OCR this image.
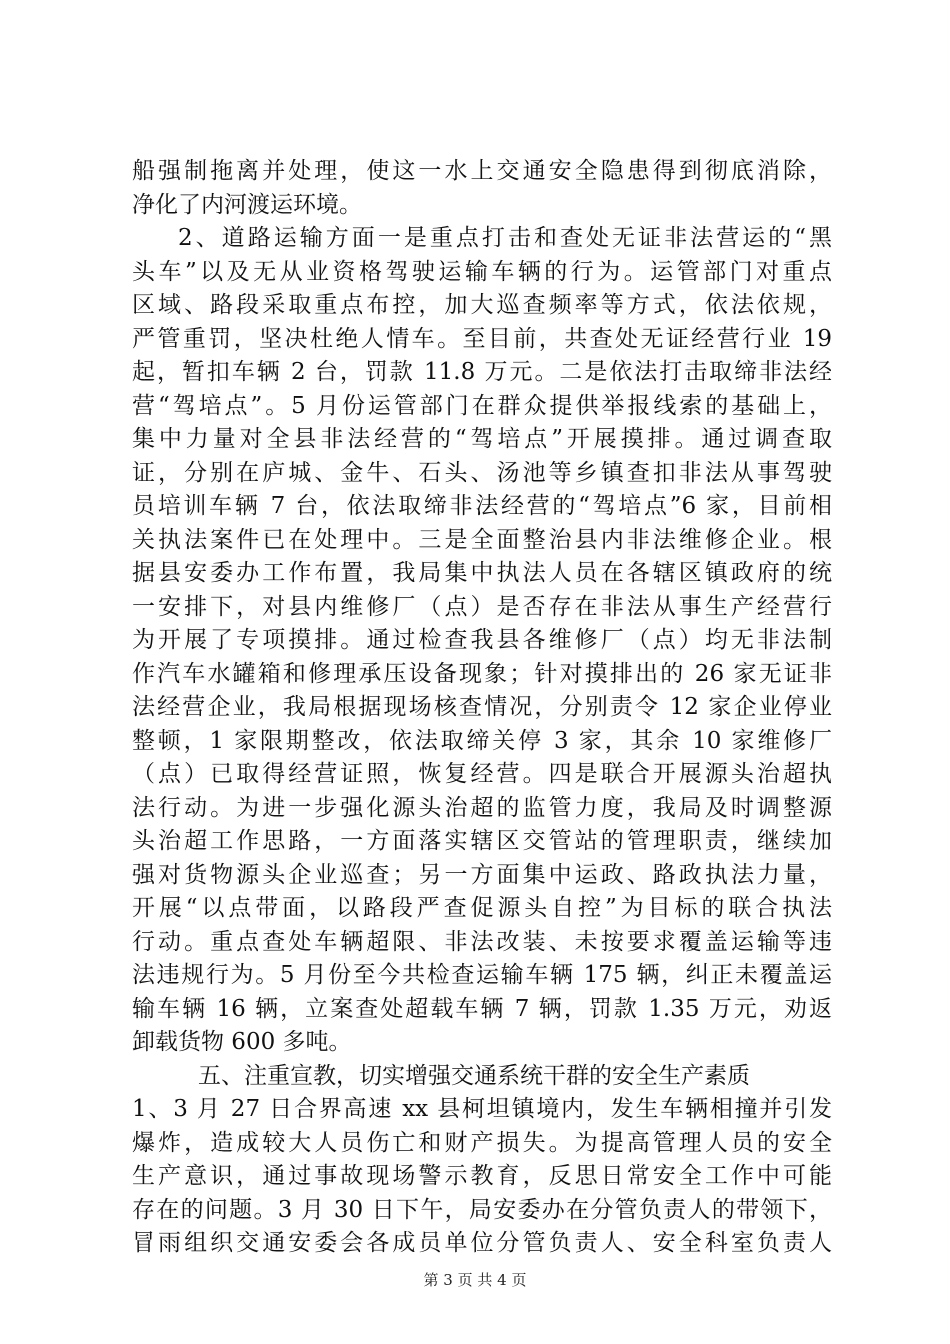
船强制拖离并处理，使这一水上交通安全隐患得到彻底消除，
净化了内河渡运环境。
2、道路运输方面一是重点打击和查处无证非法营运的“黑
头车”以及无从业资格驾驶运输车辆的行为。运管部门对重点
区域、路段采取重点布控，加大巡查频率等方式，依法依规，
严管重罚，坚决杜绝人情车。至目前，共查处无证经营行业 19
起，暂扣车辆 2 台，罚款 11.8 万元。二是依法打击取缔非法经
营“驾培点”。5 月份运管部门在群众提供举报线索的基础上，
集中力量对全县非法经营的“驾培点”开展摸排。通过调查取
证，分别在庐城、金牛、石头、汤池等乡镇查扣非法从事驾驶
员培训车辆 7 台，依法取缔非法经营的“驾培点”6 家，目前相
关执法案件已在处理中。三是全面整治县内非法维修企业。根
据县安委办工作布置，我局集中执法人员在各辖区镇政府的统
一安排下，对县内维修厂（点）是否存在非法从事生产经营行
为开展了专项摸排。通过检查我县各维修厂（点）均无非法制
作汽车水罐箱和修理承压设备现象；针对摸排出的 26 家无证非
法经营企业，我局根据现场核查情况，分别责令 12 家企业停业
整顿，1 家限期整改，依法取缔关停 3 家，其余 10 家维修厂
（点）已取得经营证照，恢复经营。四是联合开展源头治超执
法行动。为进一步强化源头治超的监管力度，我局及时调整源
头治超工作思路，一方面落实辖区交管站的管理职责，继续加
强对货物源头企业巡查；另一方面集中运政、路政执法力量，
开展“以点带面，以路段严查促源头自控”为目标的联合执法
行动。重点查处车辆超限、非法改装、未按要求覆盖运输等违
法违规行为。5 月份至今共检查运输车辆 175 辆，纠正未覆盖运
输车辆 16 辆，立案查处超载车辆 7 辆，罚款 1.35 万元，劝返
卸载货物 600 多吨。
五、注重宣教，切实增强交通系统干群的安全生产素质
1、3 月 27 日合界高速 xx 县柯坦镇境内，发生车辆相撞并引发
爆炸，造成较大人员伤亡和财产损失。为提高管理人员的安全
生产意识，通过事故现场警示教育，反思日常安全工作中可能
存在的问题。3 月 30 日下午，局安委办在分管负责人的带领下，
冒雨组织交通安委会各成员单位分管负责人、安全科室负责人
第 3 页 共 4 页
